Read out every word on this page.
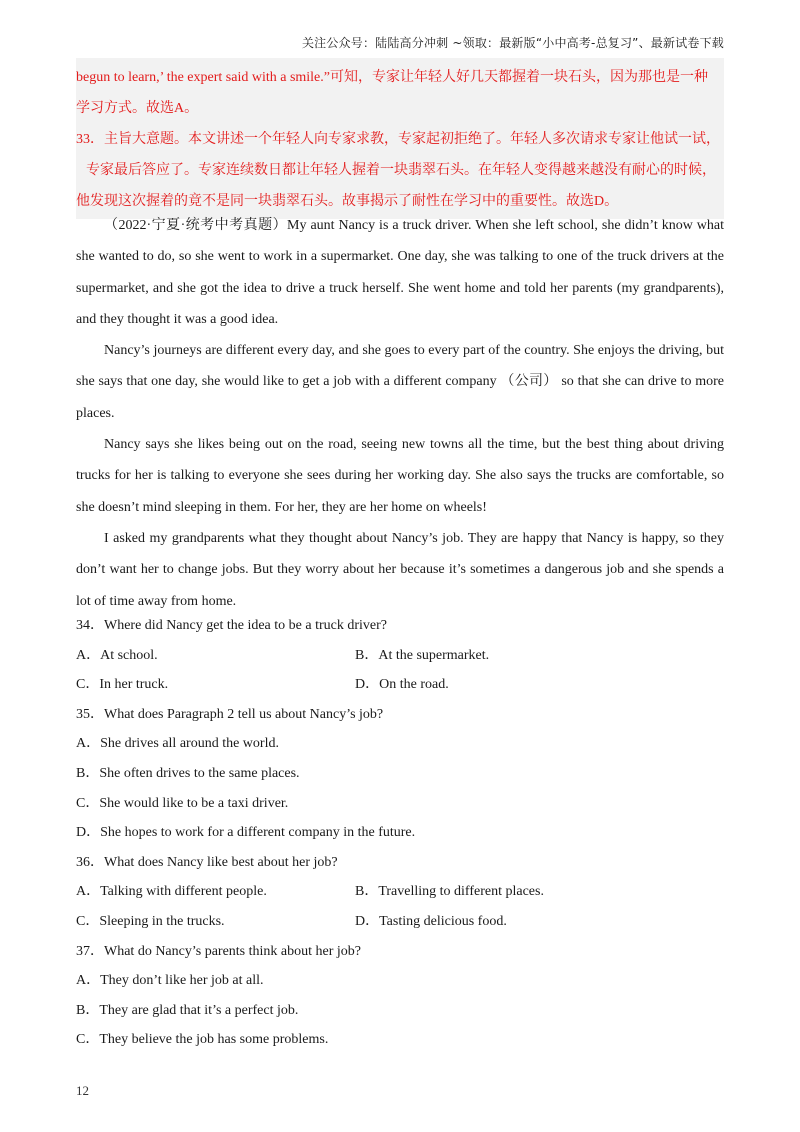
关注公众号：陆陆高分冲刺 ~领取：最新版“小中高考-总复习”、最新试卷下载

begun to learn,’ the expert said with a smile.”可知，专家让年轻人好几天都握着一块石头，因为那也是一种

学习方式。故选A。

33．主旨大意题。本文讲述一个年轻人向专家求教，专家起初拒绝了。年轻人多次请求专家让他试一试，

专家最后答应了。专家连续数日都让年轻人握着一块翡翠石头。在年轻人变得越来越没有耐心的时候，

他发现这次握着的竟不是同一块翡翠石头。故事揭示了耐性在学习中的重要性。故选D。

（2022·宁夏·统考中考真题）My aunt Nancy is a truck driver. When she left school, she didn’t know what she wanted to do, so she went to work in a supermarket. One day, she was talking to one of the truck drivers at the supermarket, and she got the idea to drive a truck herself. She went home and told her parents (my grandparents), and they thought it was a good idea.

Nancy’s journeys are different every day, and she goes to every part of the country. She enjoys the driving, but she says that one day, she would like to get a job with a different company （公司） so that she can drive to more places.

Nancy says she likes being out on the road, seeing new towns all the time, but the best thing about driving trucks for her is talking to everyone she sees during her working day. She also says the trucks are comfortable, so she doesn’t mind sleeping in them. For her, they are her home on wheels!

I asked my grandparents what they thought about Nancy’s job. They are happy that Nancy is happy, so they don’t want her to change jobs. But they worry about her because it’s sometimes a dangerous job and she spends a lot of time away from home.

34．Where did Nancy get the idea to be a truck driver?
A．At school.	B．At the supermarket.
C．In her truck.	D．On the road.
35．What does Paragraph 2 tell us about Nancy’s job?
A．She drives all around the world.
B．She often drives to the same places.
C．She would like to be a taxi driver.
D．She hopes to work for a different company in the future.
36．What does Nancy like best about her job?
A．Talking with different people.	B．Travelling to different places.
C．Sleeping in the trucks.	D．Tasting delicious food.
37．What do Nancy’s parents think about her job?
A．They don’t like her job at all.
B．They are glad that it’s a perfect job.
C．They believe the job has some problems.
12
